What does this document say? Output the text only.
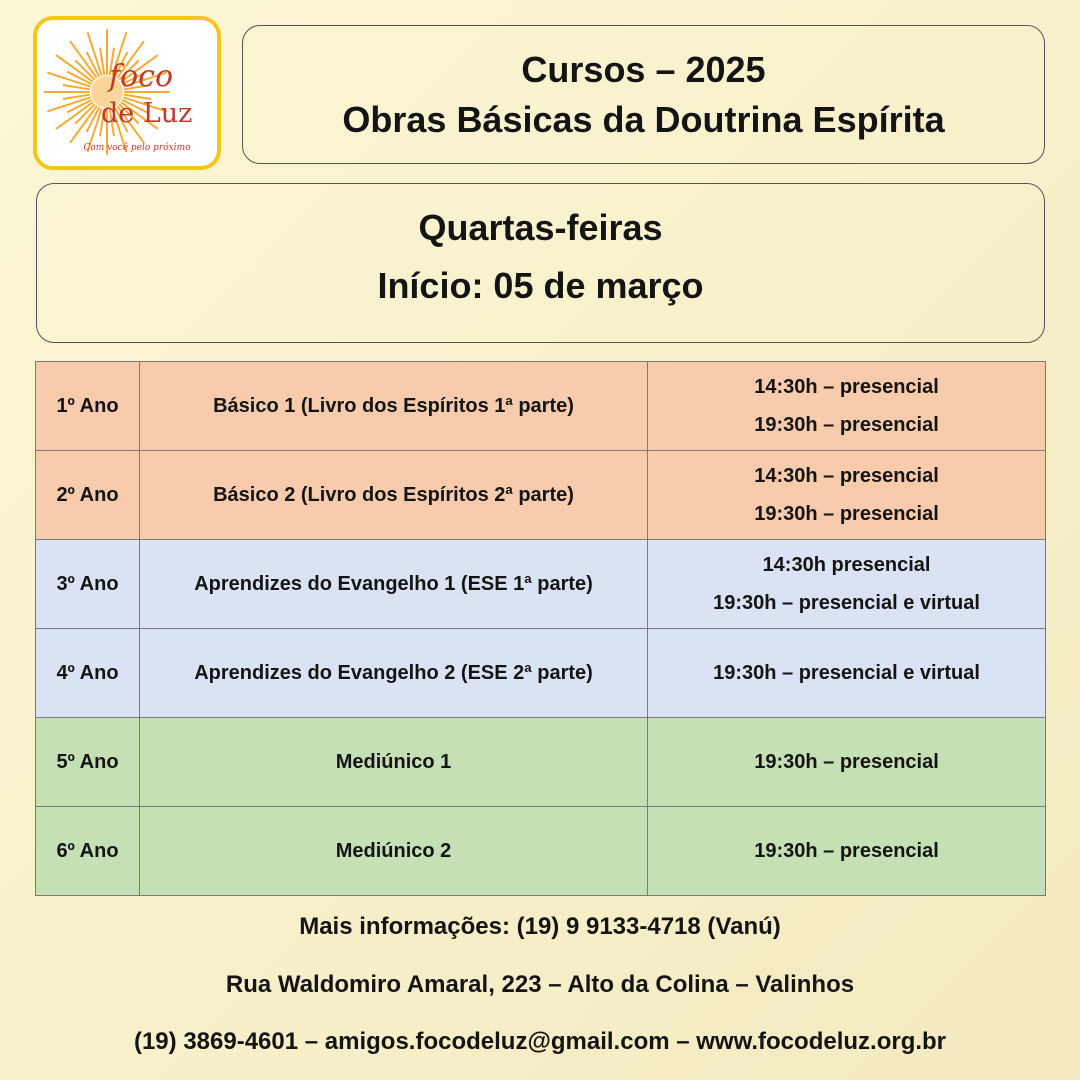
foco
de Luz
Com você pelo próximo
Cursos – 2025
Obras Básicas da Doutrina Espírita
Quartas-feiras
Início: 05 de março
1º Ano	Básico 1 (Livro dos Espíritos 1ª parte)	14:30h – presencial
19:30h – presencial

2º Ano	Básico 2 (Livro dos Espíritos 2ª parte)	14:30h – presencial
19:30h – presencial

3º Ano	Aprendizes do Evangelho 1 (ESE 1ª parte)	14:30h presencial
19:30h – presencial e virtual

4º Ano	Aprendizes do Evangelho 2 (ESE 2ª parte)	19:30h – presencial e virtual

5º Ano	Mediúnico 1	19:30h – presencial

6º Ano	Mediúnico 2	19:30h – presencial
Mais informações: (19) 9 9133-4718 (Vanú)
Rua Waldomiro Amaral, 223 – Alto da Colina – Valinhos
(19) 3869-4601 – amigos.focodeluz@gmail.com – www.focodeluz.org.br
